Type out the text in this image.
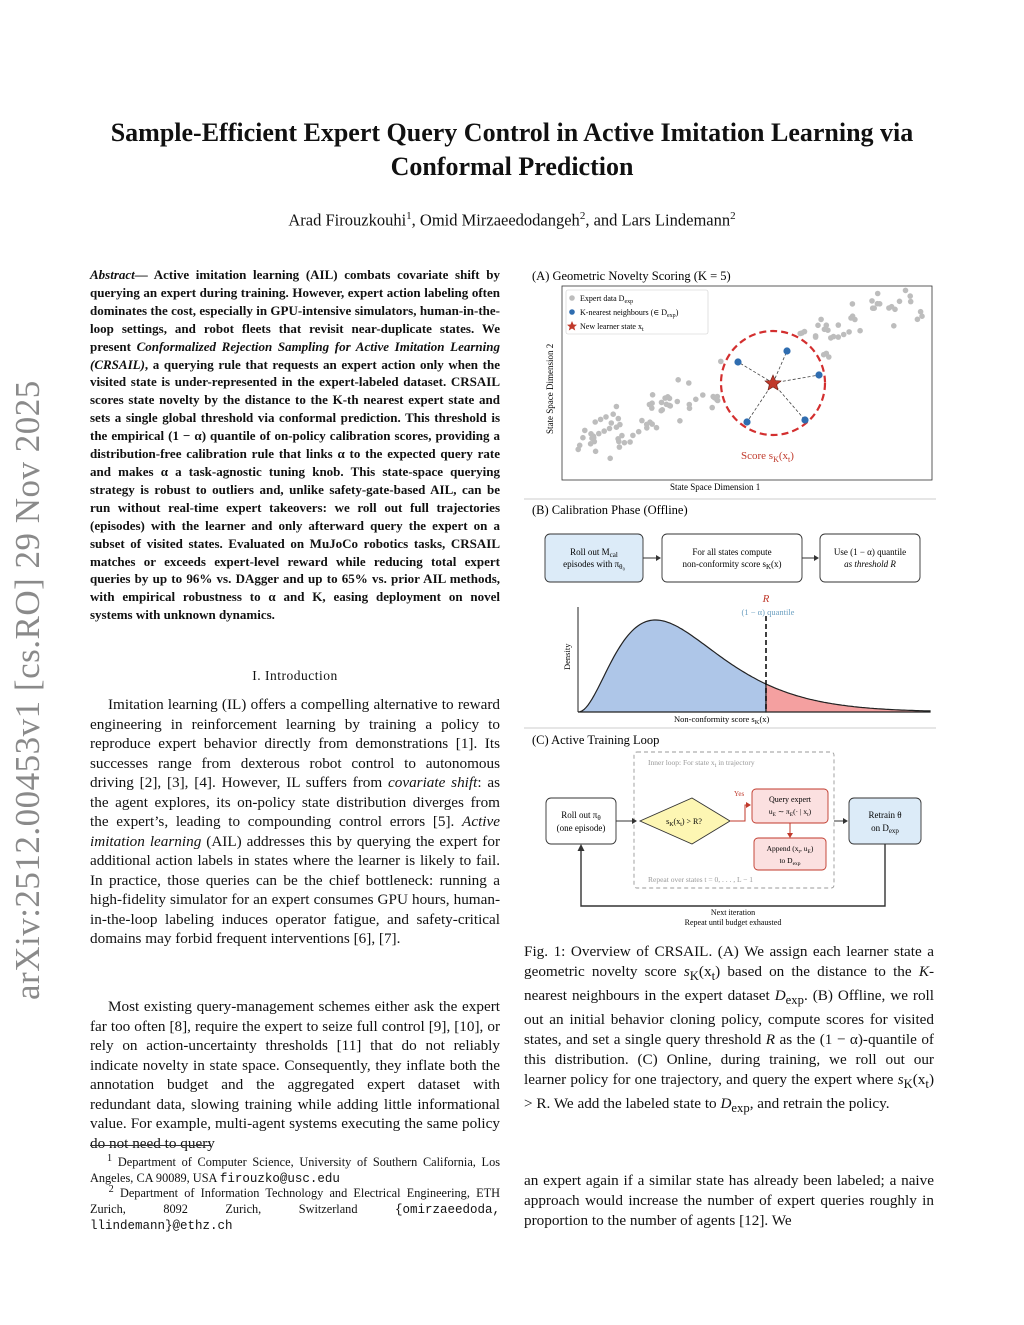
arXiv:2512.00453v1 [cs.RO] 29 Nov 2025
Sample-Efficient Expert Query Control in Active Imitation Learning via Conformal Prediction
Arad Firouzkouhi$^1$, Omid Mirzaeedodangeh$^2$, and Lars Lindemann$^2$
Abstract— Active imitation learning (AIL) combats covariate shift by querying an expert during training. However, expert action labeling often dominates the cost, especially in GPU-intensive simulators, human-in-the-loop settings, and robot fleets that revisit near-duplicate states. We present Conformalized Rejection Sampling for Active Imitation Learning (CRSAIL), a querying rule that requests an expert action only when the visited state is under-represented in the expert-labeled dataset. CRSAIL scores state novelty by the distance to the K-th nearest expert state and sets a single global threshold via conformal prediction. This threshold is the empirical (1 − α) quantile of on-policy calibration scores, providing a distribution-free calibration rule that links α to the expected query rate and makes α a task-agnostic tuning knob. This state-space querying strategy is robust to outliers and, unlike safety-gate-based AIL, can be run without real-time expert takeovers: we roll out full trajectories (episodes) with the learner and only afterward query the expert on a subset of visited states. Evaluated on MuJoCo robotics tasks, CRSAIL matches or exceeds expert-level reward while reducing total expert queries by up to 96% vs. DAgger and up to 65% vs. prior AIL methods, with empirical robustness to α and K, easing deployment on novel systems with unknown dynamics.
I. Introduction

Imitation learning (IL) offers a compelling alternative to reward engineering in reinforcement learning by training a policy to reproduce expert behavior directly from demonstrations [1]. Its successes range from dexterous robot control to autonomous driving [2], [3], [4]. However, IL suffers from covariate shift: as the agent explores, its on-policy state distribution diverges from the expert’s, leading to compounding control errors [5]. Active imitation learning (AIL) addresses this by querying the expert for additional action labels in states where the learner is likely to fail. In practice, those queries can be the chief bottleneck: running a high-fidelity simulator for an expert consumes GPU hours, human-in-the-loop labeling induces operator fatigue, and safety-critical domains may forbid frequent interventions [6], [7].

Most existing query-management schemes either ask the expert far too often [8], require the expert to seize full control [9], [10], or rely on action-uncertainty thresholds [11] that do not reliably indicate novelty in state space. Consequently, they inflate both the annotation budget and the aggregated expert dataset with redundant data, slowing training while adding little informational value. For example, multi-agent systems executing the same policy do not need to query

$^1$ Department of Computer Science, University of Southern California, Los Angeles, CA 90089, USA firouzko@usc.edu
$^2$ Department of Information Technology and Electrical Engineering, ETH Zurich, 8092 Zurich, Switzerland {omirzaeedoda, llindemann}@ethz.ch
(A) Geometric Novelty Scoring (K = 5)
Score $s_K(x_t)$
Expert data $D_{exp}$
K-nearest neighbours (∈ $D_{exp}$)
New learner state $x_t$
State Space Dimension 2
State Space Dimension 1
(B) Calibration Phase (Offline)
Roll out $M_{cal}$
episodes with $\pi_{\theta_0}$
For all states compute
non-conformity score $s_K(x)$
Use (1 − α) quantile
as threshold R
R
(1 − α) quantile
Density
Non-conformity score $s_K(x)$
(C) Active Training Loop
Inner loop: For state $x_t$ in trajectory
Repeat over states t = 0, . . . , L − 1
Roll out $\pi_\theta$
(one episode)
$s_K(x_t) > R$?
Yes
Query expert
$u_E$ ∼ $\pi_E(\cdot$ | $x_t$)
Append ($x_t$, $u_E$)
to $D_{exp}$
Retrain θ
on $D_{exp}$
Next iteration
Repeat until budget exhausted
Fig. 1: Overview of CRSAIL. (A) We assign each learner state a geometric novelty score $s_K(x_t)$ based on the distance to the K-nearest neighbours in the expert dataset $D_{exp}$. (B) Offline, we roll out an initial behavior cloning policy, compute scores for visited states, and set a single query threshold R as the (1 − α)-quantile of this distribution. (C) Online, during training, we roll out our learner policy for one trajectory, and query the expert where $s_K(x_t) > R$. We add the labeled state to $D_{exp}$, and retrain the policy.
an expert again if a similar state has already been labeled; a naive approach would increase the number of expert queries roughly in proportion to the number of agents [12]. We
